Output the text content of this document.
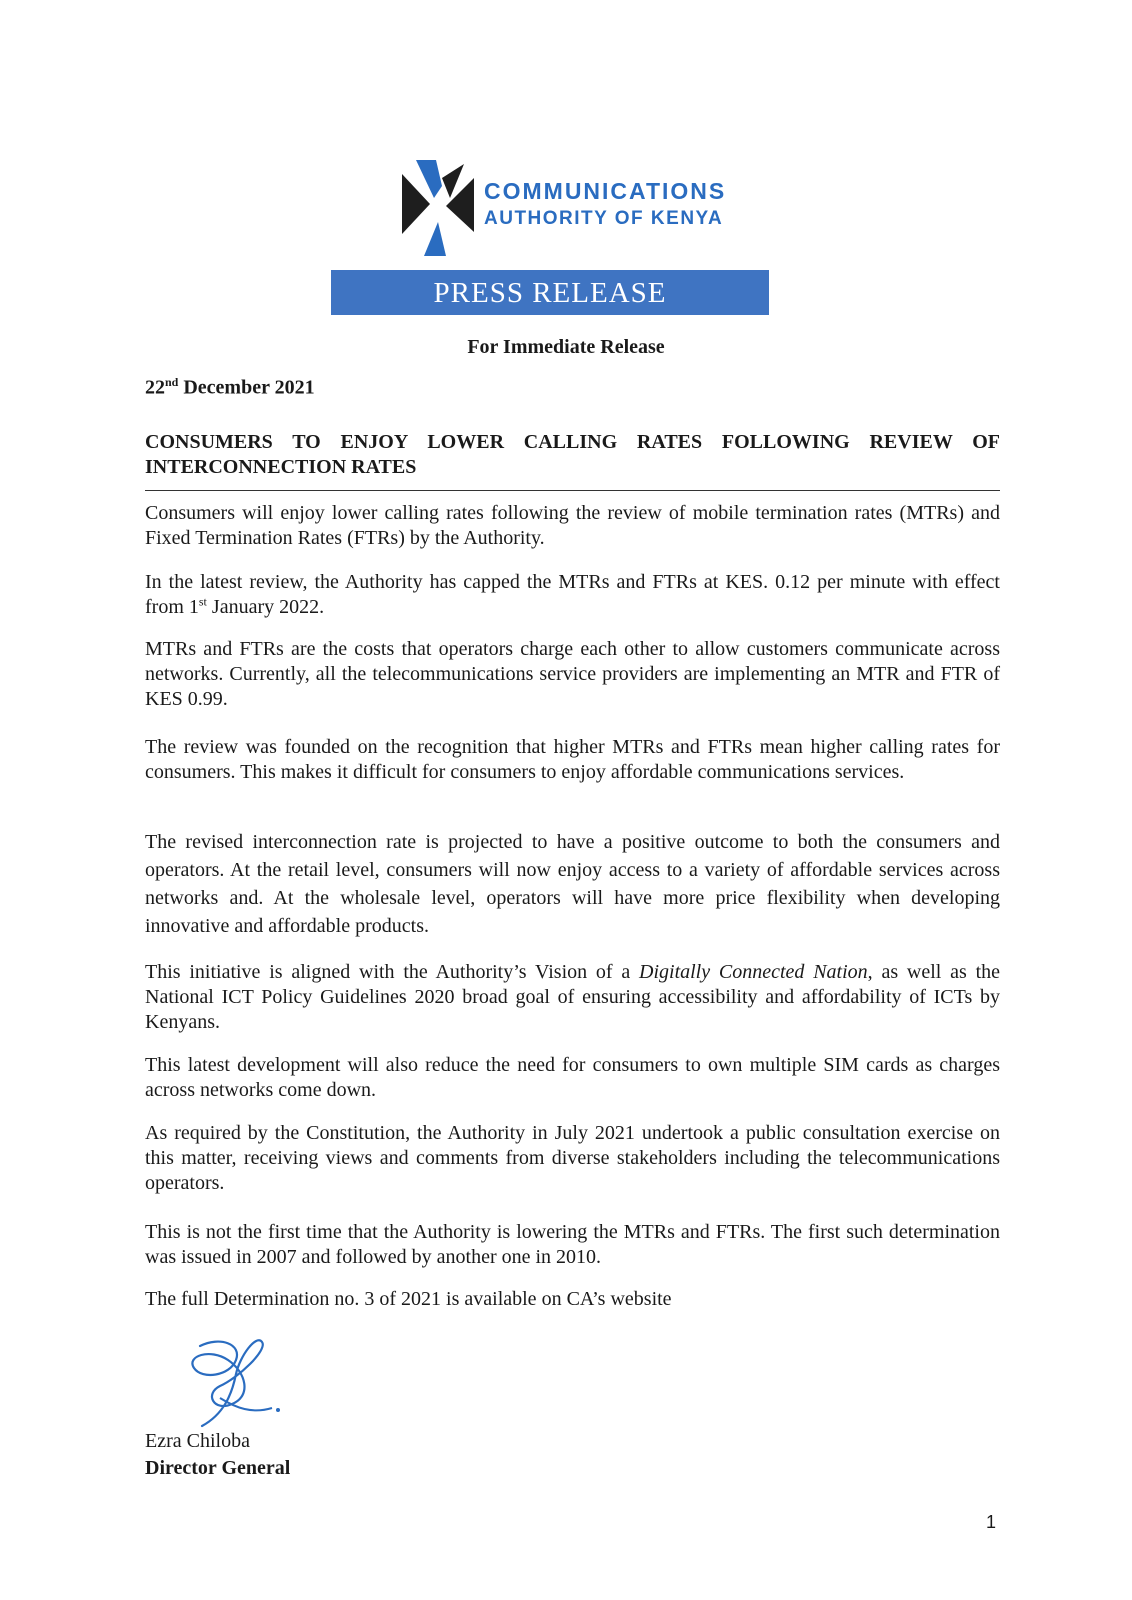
COMMUNICATIONS
AUTHORITY OF KENYA
PRESS RELEASE
For Immediate Release
22nd December 2021
CONSUMERS TO ENJOY LOWER CALLING RATES FOLLOWING REVIEW OF INTERCONNECTION RATES

Consumers will enjoy lower calling rates following the review of mobile termination rates (MTRs) and Fixed Termination Rates (FTRs) by the Authority.

In the latest review, the Authority has capped the MTRs and FTRs at KES. 0.12 per minute with effect from 1st January 2022.

MTRs and FTRs are the costs that operators charge each other to allow customers communicate across networks. Currently, all the telecommunications service providers are implementing an MTR and FTR of KES 0.99.

The review was founded on the recognition that higher MTRs and FTRs mean higher calling rates for consumers. This makes it difficult for consumers to enjoy affordable communications services.

The revised interconnection rate is projected to have a positive outcome to both the consumers and operators. At the retail level, consumers will now enjoy access to a variety of affordable services across networks and. At the wholesale level, operators will have more price flexibility when developing innovative and affordable products.

This initiative is aligned with the Authority’s Vision of a Digitally Connected Nation, as well as the National ICT Policy Guidelines 2020 broad goal of ensuring accessibility and affordability of ICTs by Kenyans.

This latest development will also reduce the need for consumers to own multiple SIM cards as charges across networks come down.

As required by the Constitution, the Authority in July 2021 undertook a public consultation exercise on this matter, receiving views and comments from diverse stakeholders including the telecommunications operators.

This is not the first time that the Authority is lowering the MTRs and FTRs. The first such determination was issued in 2007 and followed by another one in 2010.

The full Determination no. 3 of 2021 is available on CA’s website

Ezra Chiloba
Director General
1
